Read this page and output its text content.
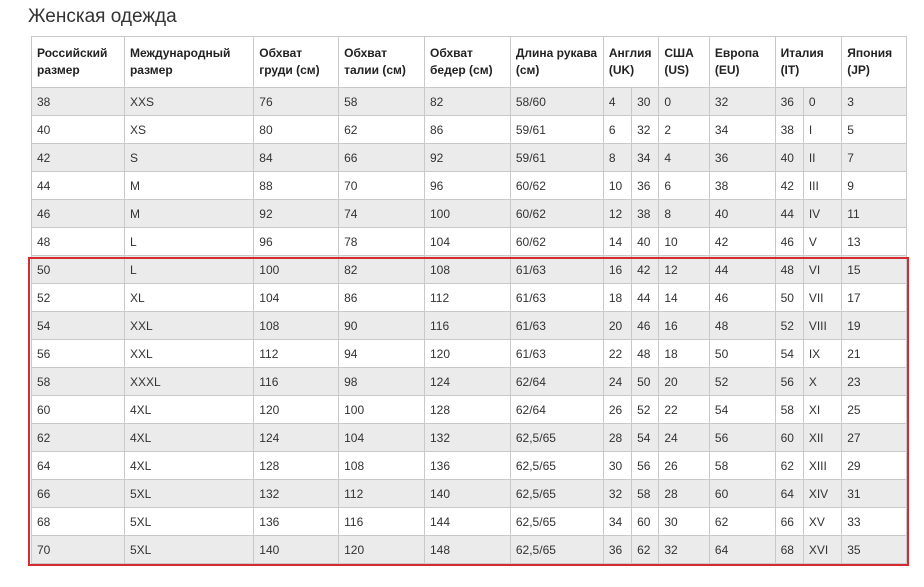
Женская одежда
Российский размер	Международный размер	Обхват груди (см)	Обхват талии (см)	Обхват бедер (см)	Длина рукава (см)	Англия (UK)		США (US)	Европа (EU)	Италия (IT)		Япония (JP)
38	XXS	76	58	82	58/60	4	30	0	32	36	0	3
40	XS	80	62	86	59/61	6	32	2	34	38	I	5
42	S	84	66	92	59/61	8	34	4	36	40	II	7
44	M	88	70	96	60/62	10	36	6	38	42	III	9
46	M	92	74	100	60/62	12	38	8	40	44	IV	11
48	L	96	78	104	60/62	14	40	10	42	46	V	13
50	L	100	82	108	61/63	16	42	12	44	48	VI	15
52	XL	104	86	112	61/63	18	44	14	46	50	VII	17
54	XXL	108	90	116	61/63	20	46	16	48	52	VIII	19
56	XXL	112	94	120	61/63	22	48	18	50	54	IX	21
58	XXXL	116	98	124	62/64	24	50	20	52	56	X	23
60	4XL	120	100	128	62/64	26	52	22	54	58	XI	25
62	4XL	124	104	132	62,5/65	28	54	24	56	60	XII	27
64	4XL	128	108	136	62,5/65	30	56	26	58	62	XIII	29
66	5XL	132	112	140	62,5/65	32	58	28	60	64	XIV	31
68	5XL	136	116	144	62,5/65	34	60	30	62	66	XV	33
70	5XL	140	120	148	62,5/65	36	62	32	64	68	XVI	35
